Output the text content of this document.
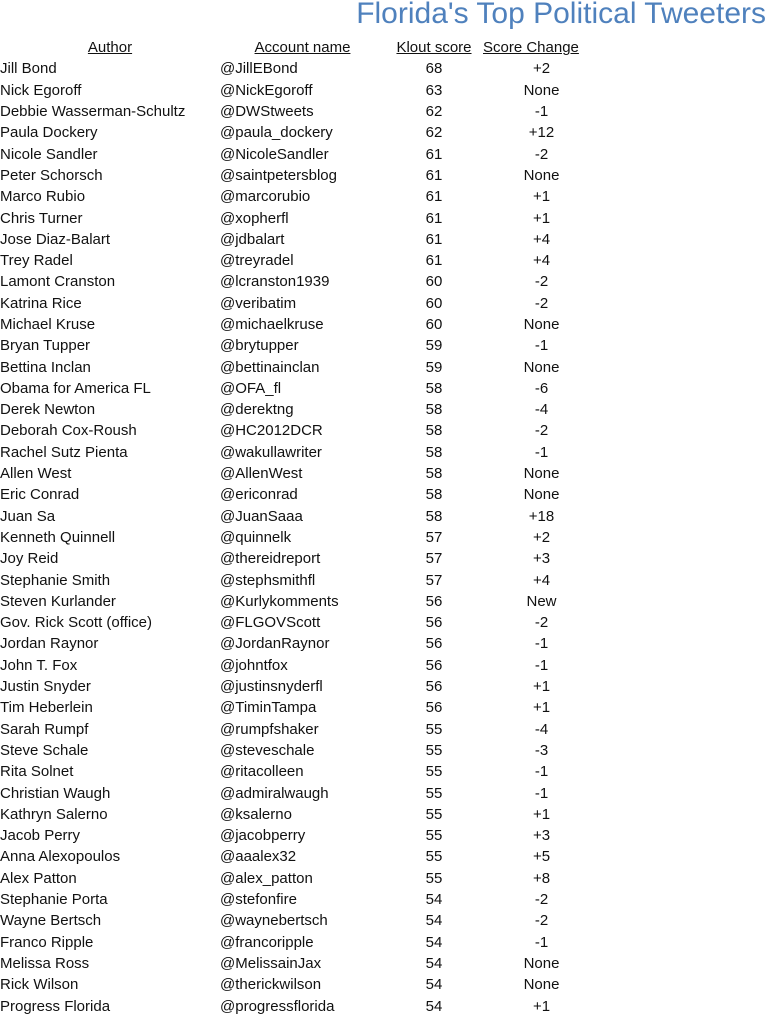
Florida's Top Political Tweeters
Author	Account name	Klout score	Score Change
Jill Bond	@JillEBond	68	+2
Nick Egoroff	@NickEgoroff	63	None
Debbie Wasserman-Schultz	@DWStweets	62	-1
Paula Dockery	@paula_dockery	62	+12
Nicole Sandler	@NicoleSandler	61	-2
Peter Schorsch	@saintpetersblog	61	None
Marco Rubio	@marcorubio	61	+1
Chris Turner	@xopherfl	61	+1
Jose Diaz-Balart	@jdbalart	61	+4
Trey Radel	@treyradel	61	+4
Lamont Cranston	@lcranston1939	60	-2
Katrina Rice	@veribatim	60	-2
Michael Kruse	@michaelkruse	60	None
Bryan Tupper	@brytupper	59	-1
Bettina Inclan	@bettinainclan	59	None
Obama for America FL	@OFA_fl	58	-6
Derek Newton	@derektng	58	-4
Deborah Cox-Roush	@HC2012DCR	58	-2
Rachel Sutz Pienta	@wakullawriter	58	-1
Allen West	@AllenWest	58	None
Eric Conrad	@ericonrad	58	None
Juan Sa	@JuanSaaa	58	+18
Kenneth Quinnell	@quinnelk	57	+2
Joy Reid	@thereidreport	57	+3
Stephanie Smith	@stephsmithfl	57	+4
Steven Kurlander	@Kurlykomments	56	New
Gov. Rick Scott (office)	@FLGOVScott	56	-2
Jordan Raynor	@JordanRaynor	56	-1
John T. Fox	@johntfox	56	-1
Justin Snyder	@justinsnyderfl	56	+1
Tim Heberlein	@TiminTampa	56	+1
Sarah Rumpf	@rumpfshaker	55	-4
Steve Schale	@steveschale	55	-3
Rita Solnet	@ritacolleen	55	-1
Christian Waugh	@admiralwaugh	55	-1
Kathryn Salerno	@ksalerno	55	+1
Jacob Perry	@jacobperry	55	+3
Anna Alexopoulos	@aaalex32	55	+5
Alex Patton	@alex_patton	55	+8
Stephanie Porta	@stefonfire	54	-2
Wayne Bertsch	@waynebertsch	54	-2
Franco Ripple	@francoripple	54	-1
Melissa Ross	@MelissainJax	54	None
Rick Wilson	@therickwilson	54	None
Progress Florida	@progressflorida	54	+1
